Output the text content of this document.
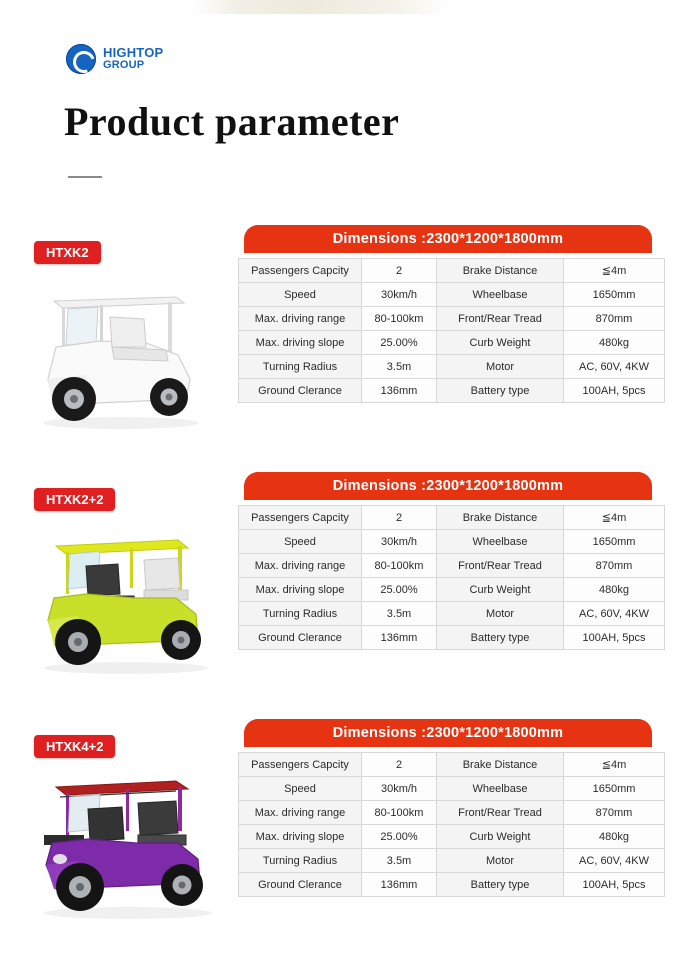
HIGHTOP
GROUP
Product parameter
HTXK2
Dimensions :2300*1200*1800mm
Passengers Capcity	2	Brake Distance	≦4m
Speed	30km/h	Wheelbase	1650mm
Max. driving range	80-100km	Front/Rear Tread	870mm
Max. driving slope	25.00%	Curb Weight	480kg
Turning Radius	3.5m	Motor	AC, 60V, 4KW
Ground Clerance	136mm	Battery type	100AH, 5pcs
HTXK2+2
Dimensions :2300*1200*1800mm
Passengers Capcity	2	Brake Distance	≦4m
Speed	30km/h	Wheelbase	1650mm
Max. driving range	80-100km	Front/Rear Tread	870mm
Max. driving slope	25.00%	Curb Weight	480kg
Turning Radius	3.5m	Motor	AC, 60V, 4KW
Ground Clerance	136mm	Battery type	100AH, 5pcs
HTXK4+2
Dimensions :2300*1200*1800mm
Passengers Capcity	2	Brake Distance	≦4m
Speed	30km/h	Wheelbase	1650mm
Max. driving range	80-100km	Front/Rear Tread	870mm
Max. driving slope	25.00%	Curb Weight	480kg
Turning Radius	3.5m	Motor	AC, 60V, 4KW
Ground Clerance	136mm	Battery type	100AH, 5pcs
